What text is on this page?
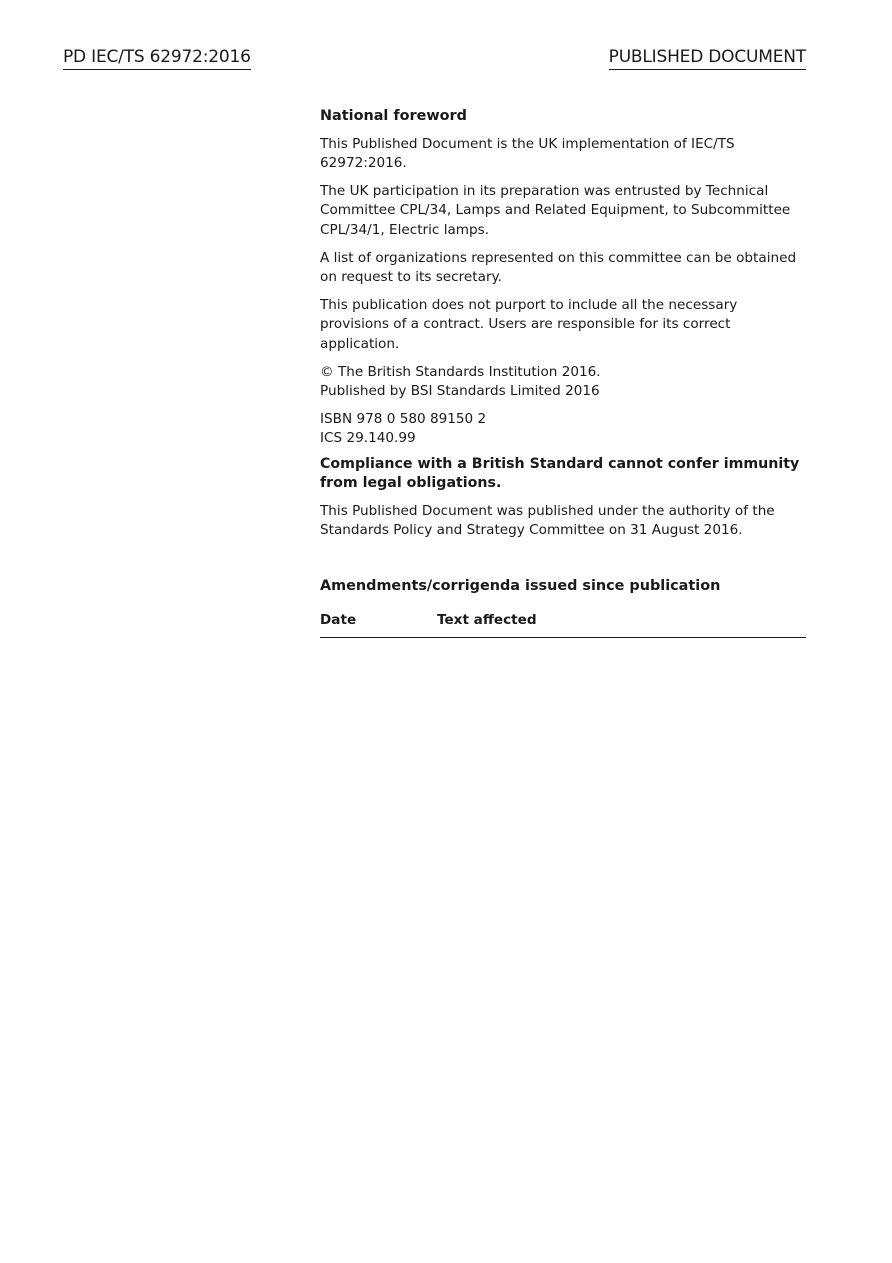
PD IEC/TS 62972:2016	PUBLISHED DOCUMENT

National foreword

This Published Document is the UK implementation of IEC/TS 62972:2016.

The UK participation in its preparation was entrusted by Technical Committee CPL/34, Lamps and Related Equipment, to Subcommittee CPL/34/1, Electric lamps.

A list of organizations represented on this committee can be obtained on request to its secretary.

This publication does not purport to include all the necessary provisions of a contract. Users are responsible for its correct application.

© The British Standards Institution 2016.
Published by BSI Standards Limited 2016
ISBN 978 0 580 89150 2
ICS 29.140.99

Compliance with a British Standard cannot confer immunity from legal obligations.

This Published Document was published under the authority of the Standards Policy and Strategy Committee on 31 August 2016.

Amendments/corrigenda issued since publication

Date	Text affected
